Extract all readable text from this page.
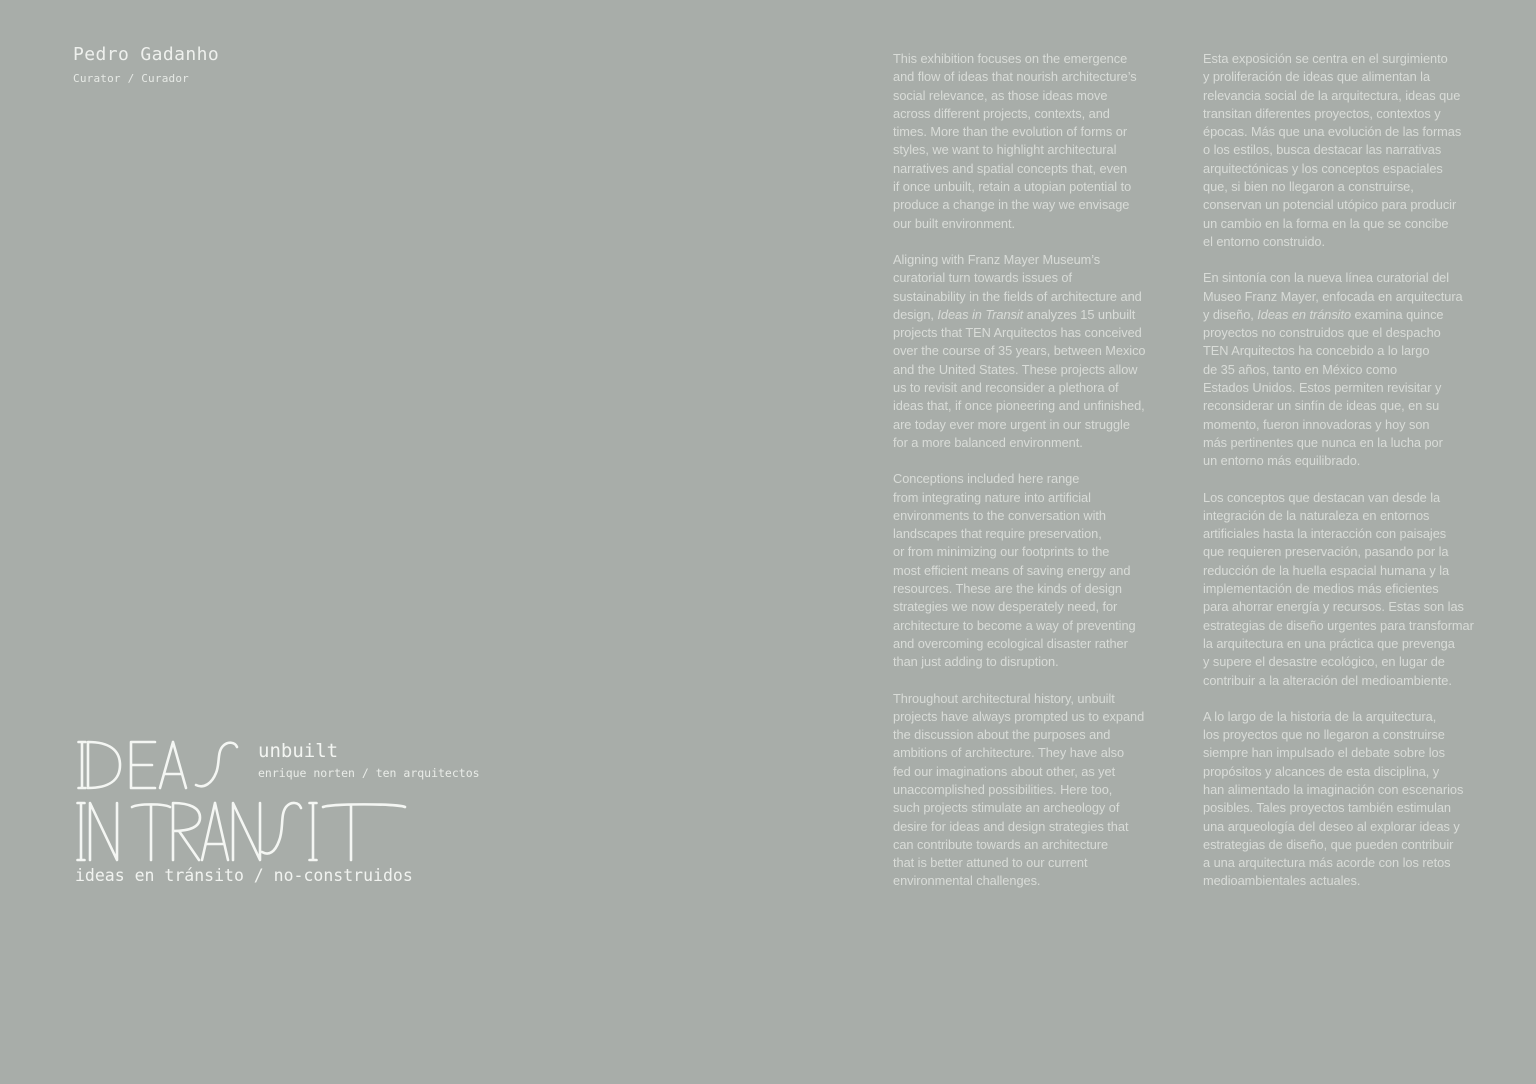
Pedro Gadanho
Curator / Curador

This exhibition focuses on the emergence
and flow of ideas that nourish architecture’s
social relevance, as those ideas move
across different projects, contexts, and
times. More than the evolution of forms or
styles, we want to highlight architectural
narratives and spatial concepts that, even
if once unbuilt, retain a utopian potential to
produce a change in the way we envisage
our built environment.

Aligning with Franz Mayer Museum’s
curatorial turn towards issues of
sustainability in the fields of architecture and
design, Ideas in Transit analyzes 15 unbuilt
projects that TEN Arquitectos has conceived
over the course of 35 years, between Mexico
and the United States. These projects allow
us to revisit and reconsider a plethora of
ideas that, if once pioneering and unfinished,
are today ever more urgent in our struggle
for a more balanced environment.

Conceptions included here range
from integrating nature into artificial
environments to the conversation with
landscapes that require preservation,
or from minimizing our footprints to the
most efficient means of saving energy and
resources. These are the kinds of design
strategies we now desperately need, for
architecture to become a way of preventing
and overcoming ecological disaster rather
than just adding to disruption.

Throughout architectural history, unbuilt
projects have always prompted us to expand
the discussion about the purposes and
ambitions of architecture. They have also
fed our imaginations about other, as yet
unaccomplished possibilities. Here too,
such projects stimulate an archeology of
desire for ideas and design strategies that
can contribute towards an architecture
that is better attuned to our current
environmental challenges.

Esta exposición se centra en el surgimiento
y proliferación de ideas que alimentan la
relevancia social de la arquitectura, ideas que
transitan diferentes proyectos, contextos y
épocas. Más que una evolución de las formas
o los estilos, busca destacar las narrativas
arquitectónicas y los conceptos espaciales
que, si bien no llegaron a construirse,
conservan un potencial utópico para producir
un cambio en la forma en la que se concibe
el entorno construido.

En sintonía con la nueva línea curatorial del
Museo Franz Mayer, enfocada en arquitectura
y diseño, Ideas en tránsito examina quince
proyectos no construidos que el despacho
TEN Arquitectos ha concebido a lo largo
de 35 años, tanto en México como
Estados Unidos. Estos permiten revisitar y
reconsiderar un sinfín de ideas que, en su
momento, fueron innovadoras y hoy son
más pertinentes que nunca en la lucha por
un entorno más equilibrado.

Los conceptos que destacan van desde la
integración de la naturaleza en entornos
artificiales hasta la interacción con paisajes
que requieren preservación, pasando por la
reducción de la huella espacial humana y la
implementación de medios más eficientes
para ahorrar energía y recursos. Estas son las
estrategias de diseño urgentes para transformar
la arquitectura en una práctica que prevenga
y supere el desastre ecológico, en lugar de
contribuir a la alteración del medioambiente.

A lo largo de la historia de la arquitectura,
los proyectos que no llegaron a construirse
siempre han impulsado el debate sobre los
propósitos y alcances de esta disciplina, y
han alimentado la imaginación con escenarios
posibles. Tales proyectos también estimulan
una arqueología del deseo al explorar ideas y
estrategias de diseño, que pueden contribuir
a una arquitectura más acorde con los retos
medioambientales actuales.

unbuilt
enrique norten / ten arquitectos
ideas en tránsito / no-construidos
